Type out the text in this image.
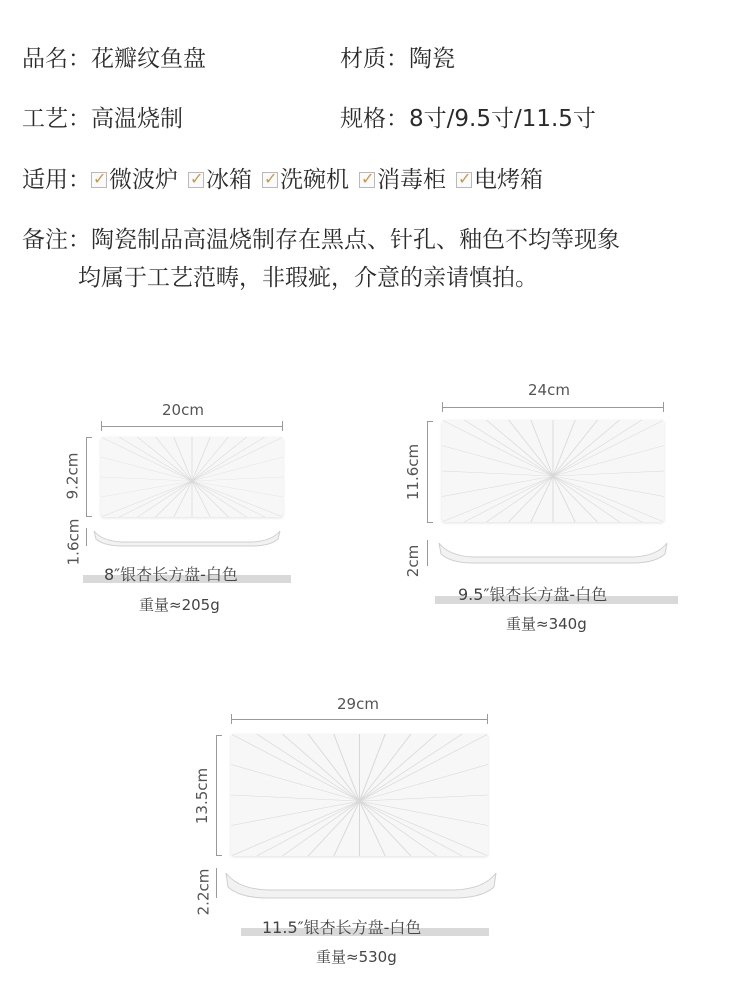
品名：花瓣纹鱼盘	材质：陶瓷
工艺：高温烧制	规格：8寸/9.5寸/11.5寸
适用： ✓ 微波炉 ✓ 冰箱 ✓ 洗碗机 ✓ 消毒柜 ✓ 电烤箱
备注：陶瓷制品高温烧制存在黑点、针孔、釉色不均等现象
均属于工艺范畴，非瑕疵，介意的亲请慎拍。
20cm
9.2cm
1.6cm
8″银杏长方盘-白色
重量≈205g
24cm
11.6cm
2cm
9.5″银杏长方盘-白色
重量≈340g
29cm
13.5cm
2.2cm
11.5″银杏长方盘-白色
重量≈530g
